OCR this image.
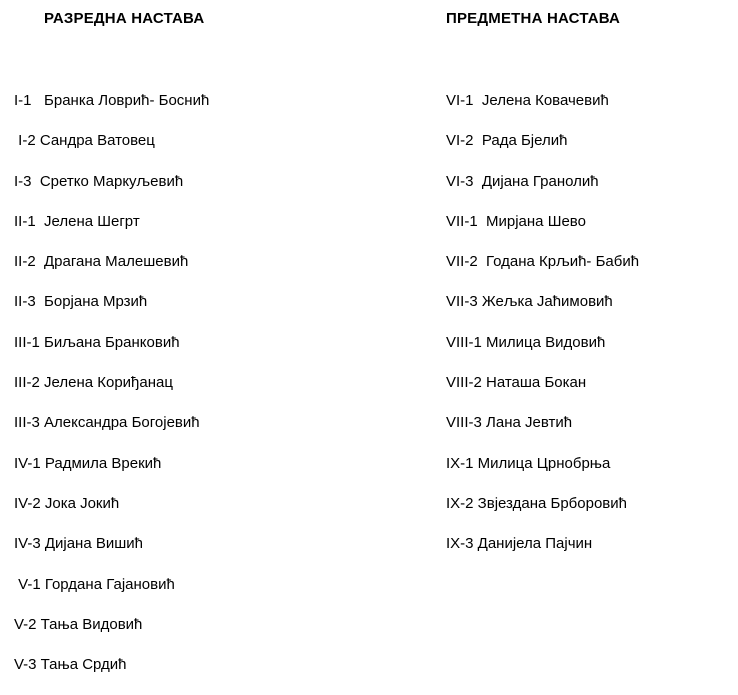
РАЗРЕДНА НАСТАВА
I-1   Бранка Ловрић- Боснић
I-2 Сандра Ватовец
I-3  Сретко Маркуљевић
II-1  Јелена Шегрт
II-2  Драгана Малешевић
II-3  Борјана Мрзић
III-1 Биљана Бранковић
III-2 Јелена Кориђанац
III-3 Александра Богојевић
IV-1 Радмила Врекић
IV-2 Јока Јокић
IV-3 Дијана Вишић
V-1 Гордана Гајановић
V-2 Тања Видовић
V-3 Тања Срдић
ПРЕДМЕТНА НАСТАВА
VI-1  Јелена Ковачевић
VI-2  Рада Бјелић
VI-3  Дијана Гранолић
VII-1  Мирјана Шево
VII-2  Годана Крљић- Бабић
VII-3 Жељка Јаћимовић
VIII-1 Милица Видовић
VIII-2 Наташа Бокан
VIII-3 Лана Јевтић
IX-1 Милица Црнобрња
IX-2 Звјездана Брборовић
IX-3 Данијела Пајчин
